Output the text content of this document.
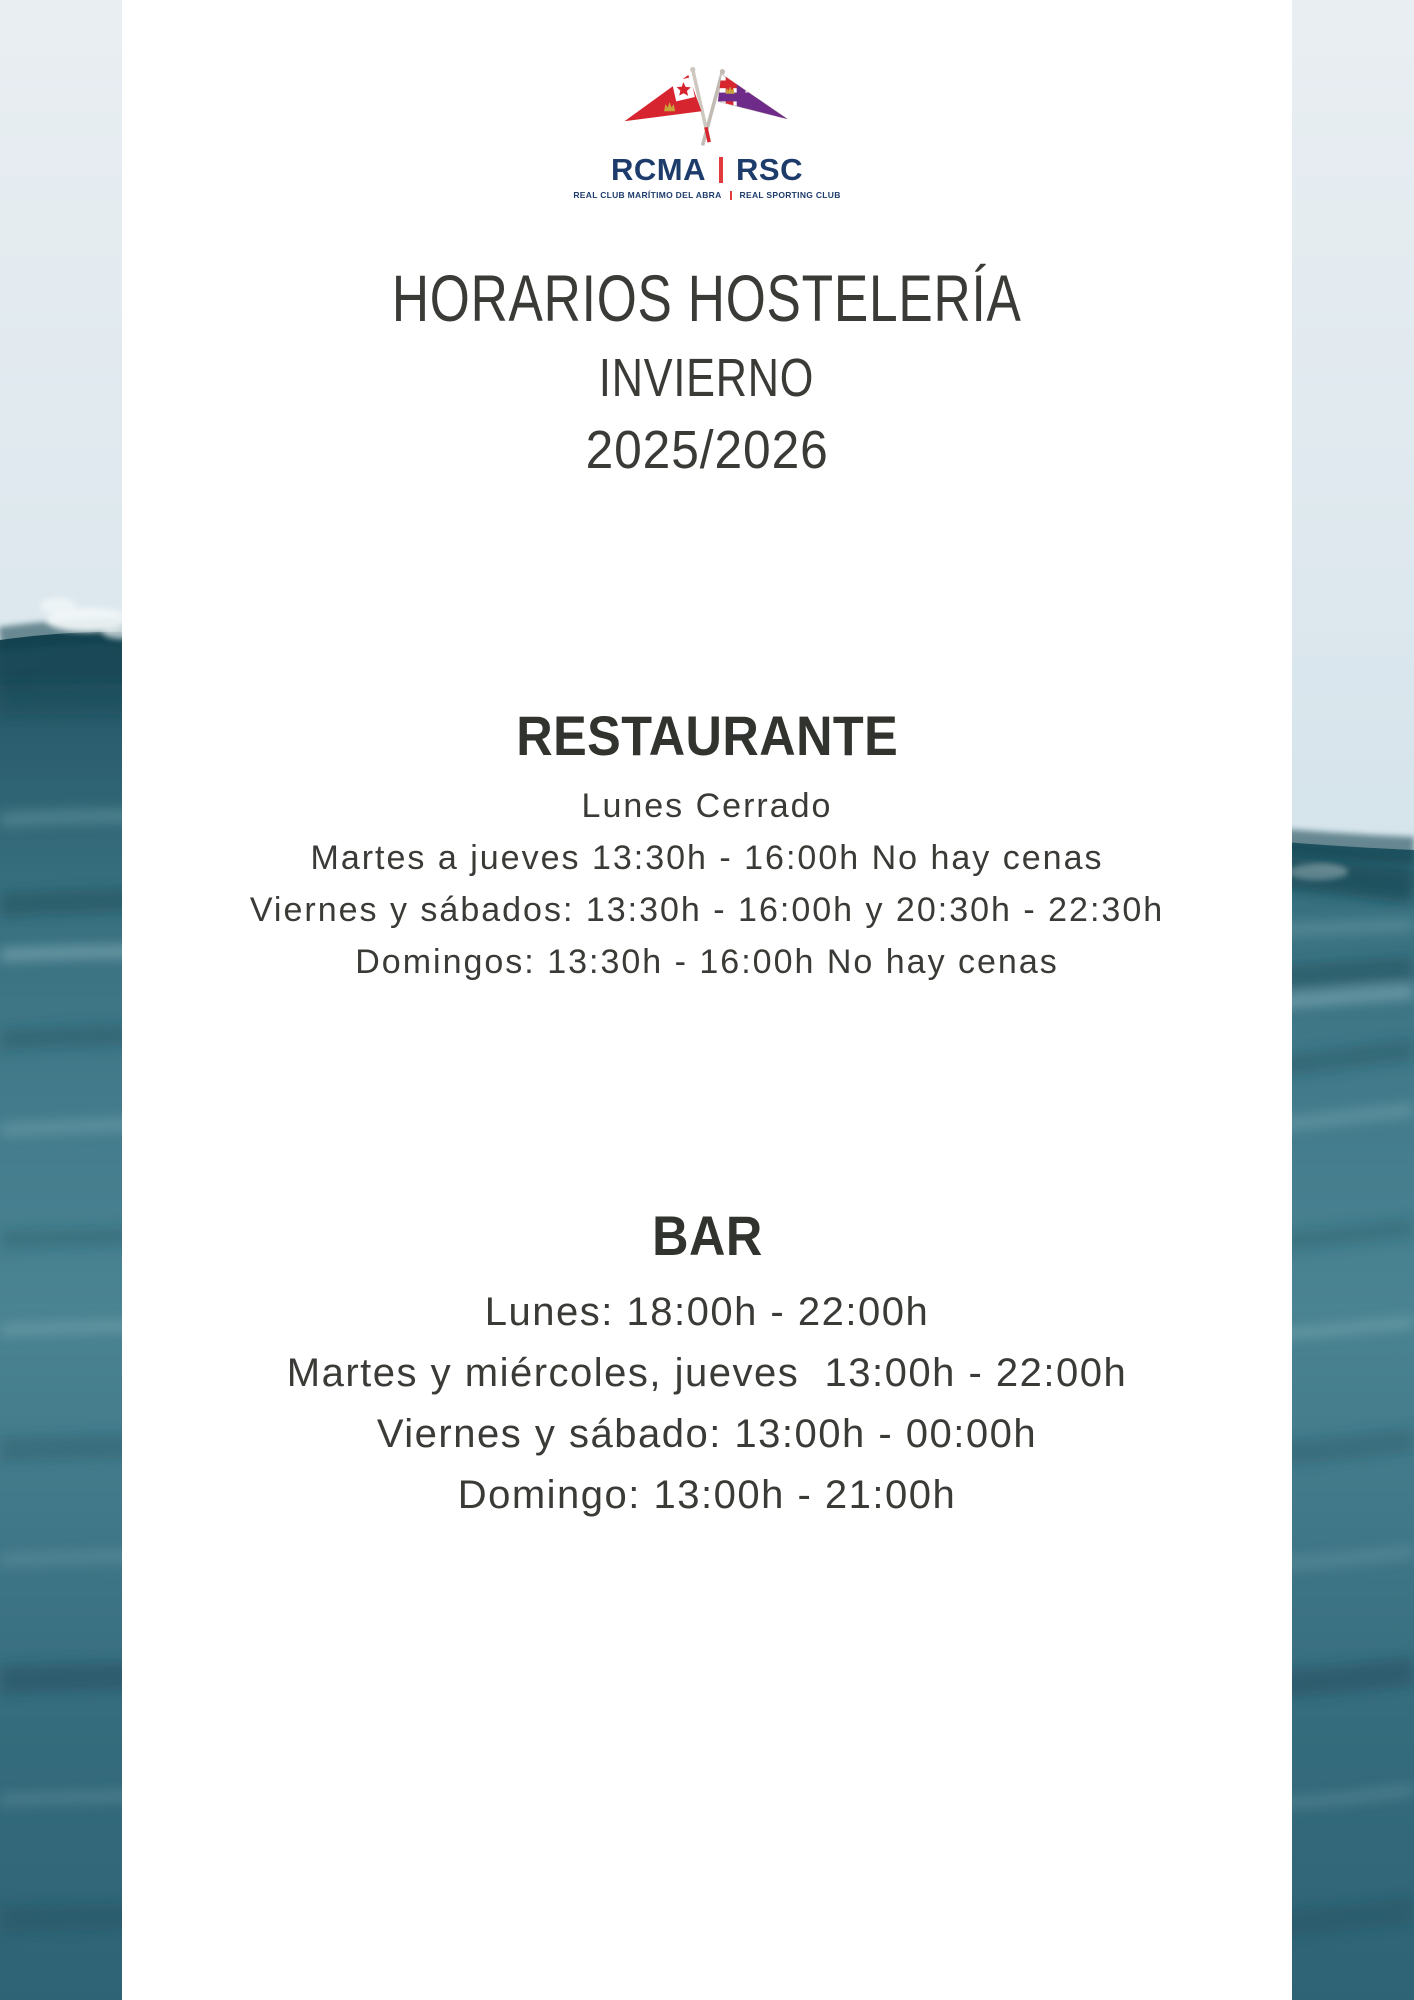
RCMA RSC
REAL CLUB MARÍTIMO DEL ABRA REAL SPORTING CLUB
HORARIOS HOSTELERÍA
INVIERNO
2025/2026
RESTAURANTE
Lunes Cerrado
Martes a jueves 13:30h - 16:00h No hay cenas
Viernes y sábados: 13:30h - 16:00h y 20:30h - 22:30h
Domingos: 13:30h - 16:00h No hay cenas
BAR
Lunes: 18:00h - 22:00h
Martes y miércoles, jueves  13:00h - 22:00h
Viernes y sábado: 13:00h - 00:00h
Domingo: 13:00h - 21:00h
